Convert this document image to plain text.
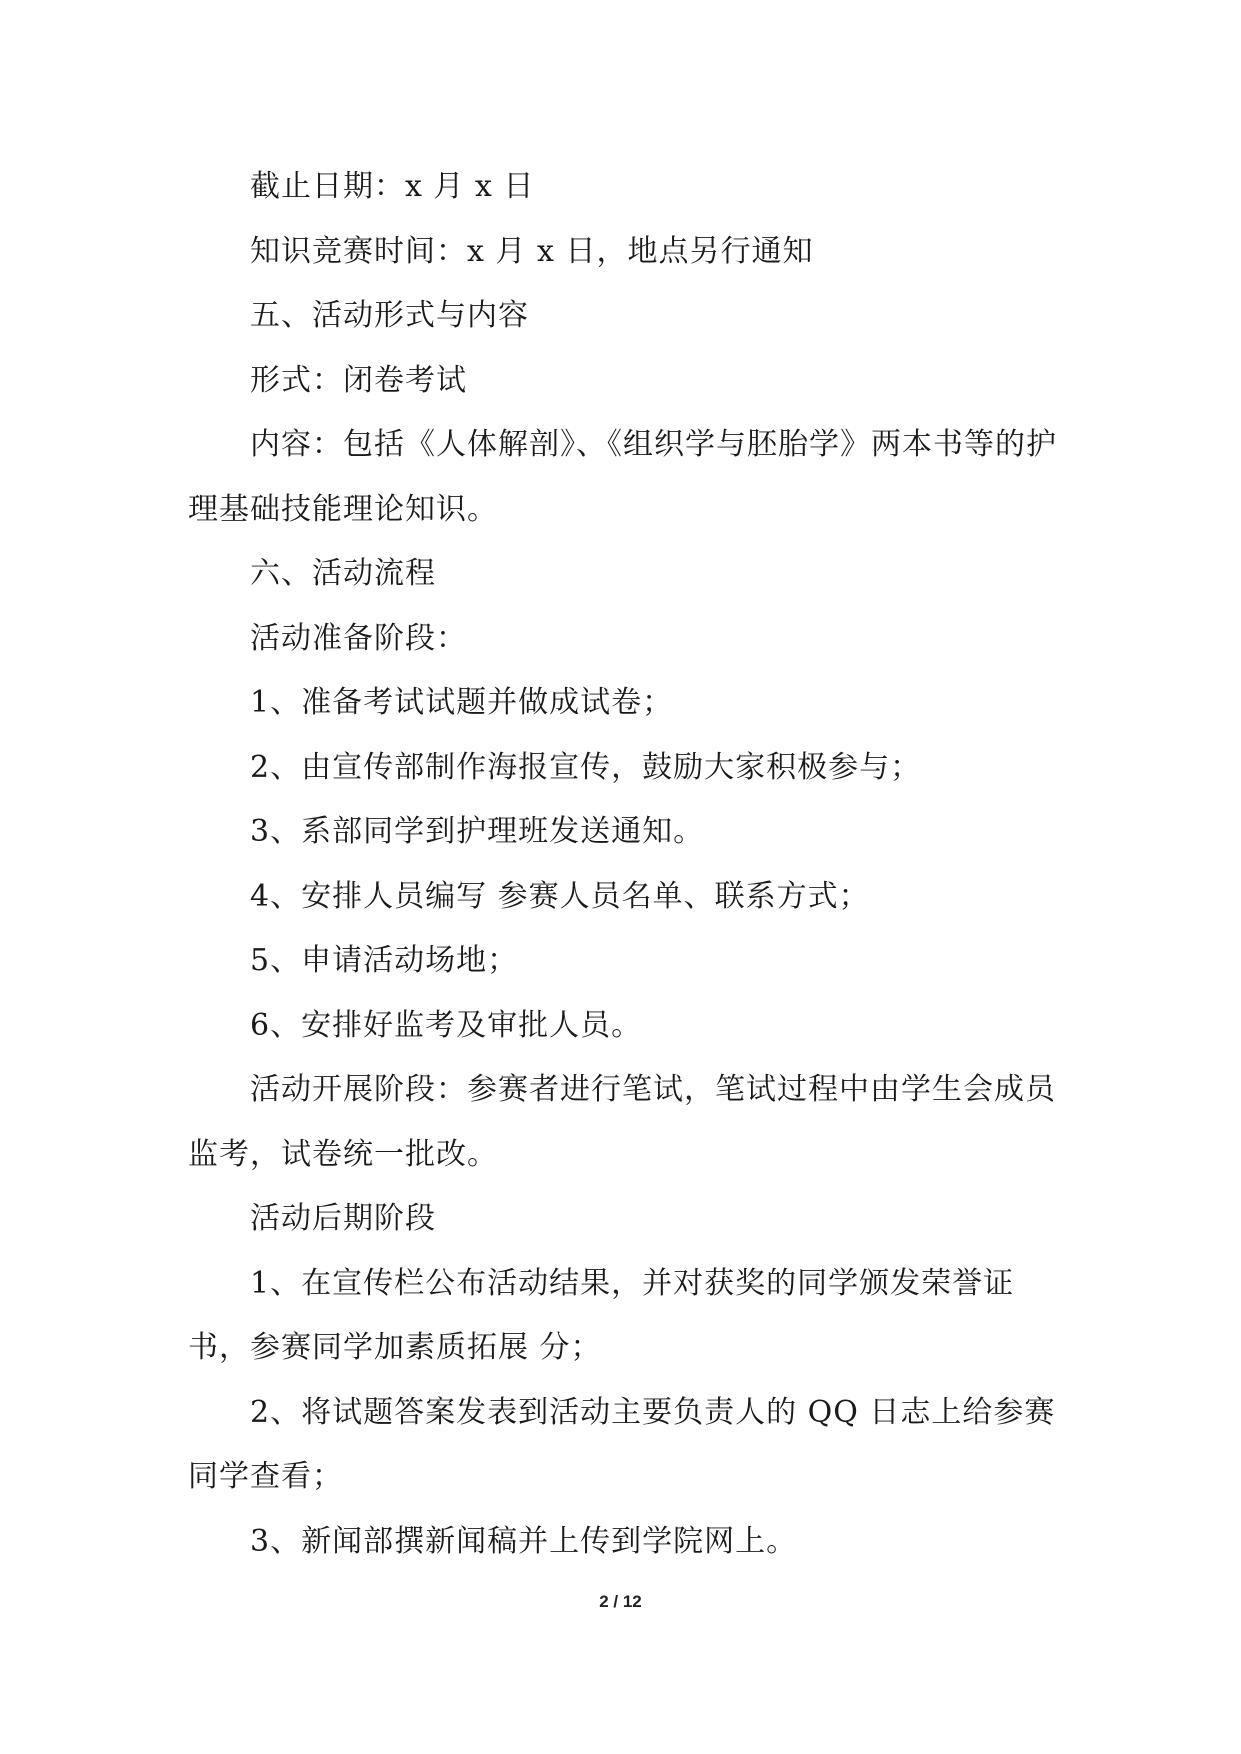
截止日期：x 月 x 日

知识竞赛时间：x 月 x 日，地点另行通知

五、活动形式与内容

形式：闭卷考试

内容：包括《人体解剖》、《组织学与胚胎学》两本书等的护理基础技能理论知识。

六、活动流程

活动准备阶段：

1、准备考试试题并做成试卷；

2、由宣传部制作海报宣传，鼓励大家积极参与；

3、系部同学到护理班发送通知。

4、安排人员编写 参赛人员名单、联系方式；

5、申请活动场地；

6、安排好监考及审批人员。

活动开展阶段：参赛者进行笔试，笔试过程中由学生会成员监考，试卷统一批改。

活动后期阶段

1、在宣传栏公布活动结果，并对获奖的同学颁发荣誉证书，参赛同学加素质拓展 分；

2、将试题答案发表到活动主要负责人的 QQ 日志上给参赛同学查看；

3、新闻部撰新闻稿并上传到学院网上。

2 / 12
